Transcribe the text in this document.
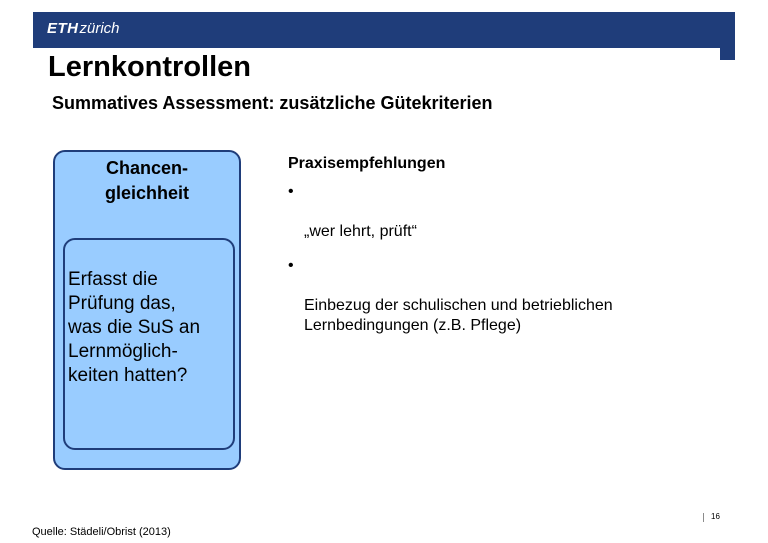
ETHzürich
Lernkontrollen
Summatives Assessment: zusätzliche Gütekriterien
Chancen-
gleichheit
Erfasst die
Prüfung das,
was die SuS an
Lernmöglich-
keiten hatten?
Praxisempfehlungen

•

„wer lehrt, prüft“

•

Einbezug der schulischen und betrieblichen
Lernbedingungen (z.B. Pflege)

16
Quelle: Städeli/Obrist (2013)
